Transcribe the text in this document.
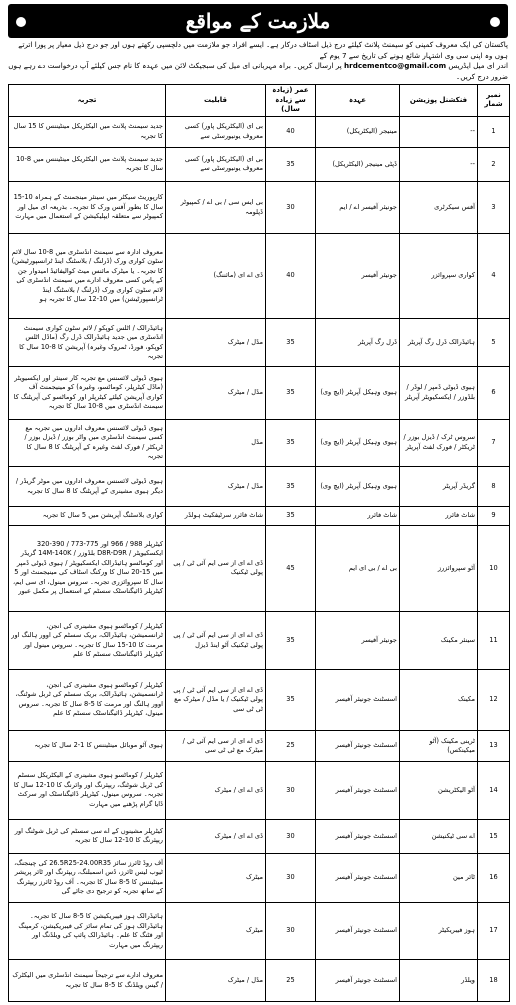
ملازمت کے مواقع

پاکستان کی ایک معروف کمپنی کو سیمنٹ پلانٹ کیلئے درج ذیل اسٹاف درکار ہے۔ ایسے افراد جو ملازمت میں دلچسپی رکھتے ہوں اور جو درج ذیل معیار پر پورا اترتے ہوں وہ اپنی سی وی اشتہار شائع ہونے کی تاریخ سے 7 یوم کے

اندر ای میل ایڈریس hrdcementco@gmail.com پر ارسال کریں۔ براہ مہربانی ای میل کی سبجیکٹ لائن میں عہدہ کا نام جس کیلئے آپ درخواست دے رہے ہوں ضرور درج کریں۔

نمبر شمار	فنکشنل پوزیشن	عہدہ	عمر (زیادہ سے زیادہ سال)	قابلیت	تجربہ
1	--	مینیجر (الیکٹریکل)	40	بی ای (الیکٹریکل پاور) کسی معروف یونیورسٹی سے	جدید سیمنٹ پلانٹ میں الیکٹریکل مینٹیننس کا 15 سال کا تجربہ
2	--	ڈپٹی مینیجر (الیکٹریکل)	35	بی ای (الیکٹریکل پاور) کسی معروف یونیورسٹی سے	جدید سیمنٹ پلانٹ میں الیکٹریکل مینٹیننس میں 8-10 سال کا تجربہ
3	آفس سیکرٹری	جونیئر آفیسر اے / ایم	30	بی ایس سی / بی اے / کمپیوٹر ڈپلومہ	کارپوریٹ سیکٹر میں سینئر مینجمنٹ کے ہمراہ 10-15 سال کا بطور آفس ورک کا تجربہ۔ بذریعہ ای میل اور کمپیوٹر سے متعلقہ ایپلیکیشن کے استعمال میں مہارت
4	کواری سپروائزر	جونیئر آفیسر	40	ڈی اے ای (مائننگ)	معروف ادارہ سے سیمنٹ انڈسٹری میں 8-10 سال لائم سٹون کواری ورک (ڈرلنگ / بلاسٹنگ اینڈ ٹرانسپورٹیشن) کا تجربہ۔ یا میٹرک مائنس میٹ کوالیفائیڈ امیدوار جن کے پاس کسی معروف ادارے میں سیمنٹ انڈسٹری کی لائم سٹون کواری ورک (ڈرلنگ / بلاسٹنگ اینڈ ٹرانسپورٹیشن) میں 10-12 سال کا تجربہ ہو
5	ہائیڈرالک ڈرل رگ آپریٹر	ڈرل رگ آپریٹر	35	مڈل / میٹرک	ہائیڈرالک / اٹلس کوپکو / لائم سٹون کواری سیمنٹ انڈسٹری میں جدید ہائیڈرالک ڈرل رگ (ماڈل اٹلس کوپکو، فورڈ، ٹمروک وغیرہ) آپریشن کا 8-10 سال کا تجربہ
6	ہیوی ڈیوٹی ڈمپر / لوڈر / بلڈوزر / ایکسکیویٹر آپریٹر	ہیوی وہیکل آپریٹر (ایچ وی)	35	مڈل / میٹرک	ہیوی ڈیوٹی لائسنس مع تجربہ کار سینئر اور ایکسیویٹر (ماڈل کیٹرپلر، کوماٹسو، وغیرہ) کو مینیجمنٹ آف کواری آپریشن کیلئے کیٹرپلر اور کوماٹسو کی آپریٹنگ کا سیمنٹ انڈسٹری میں 8-10 سال کا تجربہ
7	سروس ٹرک / ڈیزل بوزر / ٹریکٹر / فورک لفٹ آپریٹر	ہیوی وہیکل آپریٹر (ایچ وی)	35	مڈل	ہیوی ڈیوٹی لائسنس معروف اداروں میں تجربہ مع کسی سیمنٹ انڈسٹری میں واٹر بوزر / ڈیزل بوزر / ٹریکٹر / فورک لفٹ وغیرہ کے آپریٹنگ کا 8 سال کا تجربہ
8	گریڈر آپریٹر	ہیوی وہیکل آپریٹر (ایچ وی)	35	مڈل / میٹرک	ہیوی ڈیوٹی لائسنس معروف اداروں میں موٹر گریڈر / دیگر ہیوی مشینری کے آپریٹنگ کا 8 سال کا تجربہ
9	شاٹ فائرر	شاٹ فائرر	35	شاٹ فائرر سرٹیفکیٹ ہولڈر	کواری بلاسٹنگ آپریشن میں 5 سال کا تجربہ
10	آٹو سپروائزرز	بی اے / بی ای ایم	45	ڈی اے ای از سی ایم آئی ٹی / پی پولی ٹیکنیک	کیٹرپلر 988 / 966 اور 775-773 / 390-320 ایکسکیویٹر / D8R-D9R بلڈوزر / 14M-140K گریڈر اور کوماٹسو ہائیڈرالک ایکسکیویٹر / ہیوی ڈیوٹی ڈمپر میں 15-20 سال کا ورکنگ اسٹاف کی مینیجمنٹ اور 5 سال کا سپروائزری تجربہ۔ سروس مینول، ای سی ایم، کیٹرپلر ڈائیگناسٹک سسٹم کے استعمال پر مکمل عبور
11	سینئر مکینک	جونیئر آفیسر	35	ڈی اے ای از سی ایم آئی ٹی / پی پولی ٹیکنیک آٹو اینڈ ڈیزل	کیٹرپلر / کوماٹسو ہیوی مشینری کی انجن، ٹرانسمیشن، ہائیڈرالک، بریک سسٹم کی اوور ہالنگ اور مرمت کا 10-15 سال کا تجربہ۔ سروس مینول اور کیٹرپلر ڈائیگناسٹک سسٹم کا علم
12	مکینک	اسسٹنٹ جونیئر آفیسر	35	ڈی اے ای از سی ایم آئی ٹی / پی پولی ٹیکنیک / یا مڈل / میٹرک مع ٹی ٹی سی	کیٹرپلر / کوماٹسو ہیوی مشینری کی انجن، ٹرانسمیشن، ہائیڈرالک، بریک سسٹم کی ٹربل شوٹنگ، اوور ہالنگ اور مرمت کا 5-8 سال کا تجربہ۔ سروس مینول، کیٹرپلر ڈائیگناسٹک سسٹم کا علم
13	ٹرینی مکینک (آٹو میکینکس)	اسسٹنٹ جونیئر آفیسر	25	ڈی اے ای از سی ایم آئی ٹی / میٹرک مع ٹی ٹی سی	ہیوی آٹو موبائل مینٹیننس کا 1-2 سال کا تجربہ
14	آٹو الیکٹریشن	اسسٹنٹ جونیئر آفیسر	30	ڈی اے ای / میٹرک	کیٹرپلر / کوماٹسو ہیوی مشینری کے الیکٹریکل سسٹم کی ٹربل شوٹنگ، ریپئرنگ اور وائرنگ کا 10-12 سال کا تجربہ۔ سروس مینول، کیٹرپلر ڈائیگناسٹک اور سرکٹ ڈایا گرام پڑھنے میں مہارت
15	اے سی ٹیکنیشن	اسسٹنٹ جونیئر آفیسر	30	ڈی اے ای / میٹرک	کیٹرپلر مشینوں کے اے سی سسٹم کی ٹربل شوٹنگ اور ریپئرنگ کا 10-12 سال کا تجربہ
16	ٹائر مین	اسسٹنٹ جونیئر آفیسر	30	میٹرک	آف روڈ ٹائرز سائز 26.5R25-24.00R35 کی چینجنگ، ٹیوب لیس ٹائرز، ڈس اسمبلنگ، ریپئرنگ اور ٹائر پریشر مینٹیننس کا 5-8 سال کا تجربہ۔ آف روڈ ٹائرز ریپئرنگ کے ساتھ تجربہ کو ترجیح دی جائے گی
17	ہوز فیبریکیٹر	اسسٹنٹ جونیئر آفیسر	30	میٹرک	ہائیڈرالک ہوز فیبریکیشن کا 5-8 سال کا تجربہ۔ ہائیڈرالک ہوز کی تمام سائز کی فیبریکیشن، کرمپنگ اور فٹنگ کا علم۔ ہائیڈرالک پائپ کی ویلڈنگ اور ریپئرنگ میں مہارت
18	ویلڈر	اسسٹنٹ جونیئر آفیسر	25	مڈل / میٹرک	معروف ادارے سے ترجیحاً سیمنٹ انڈسٹری میں الیکٹرک / گیس ویلڈنگ کا 5-8 سال کا تجربہ
